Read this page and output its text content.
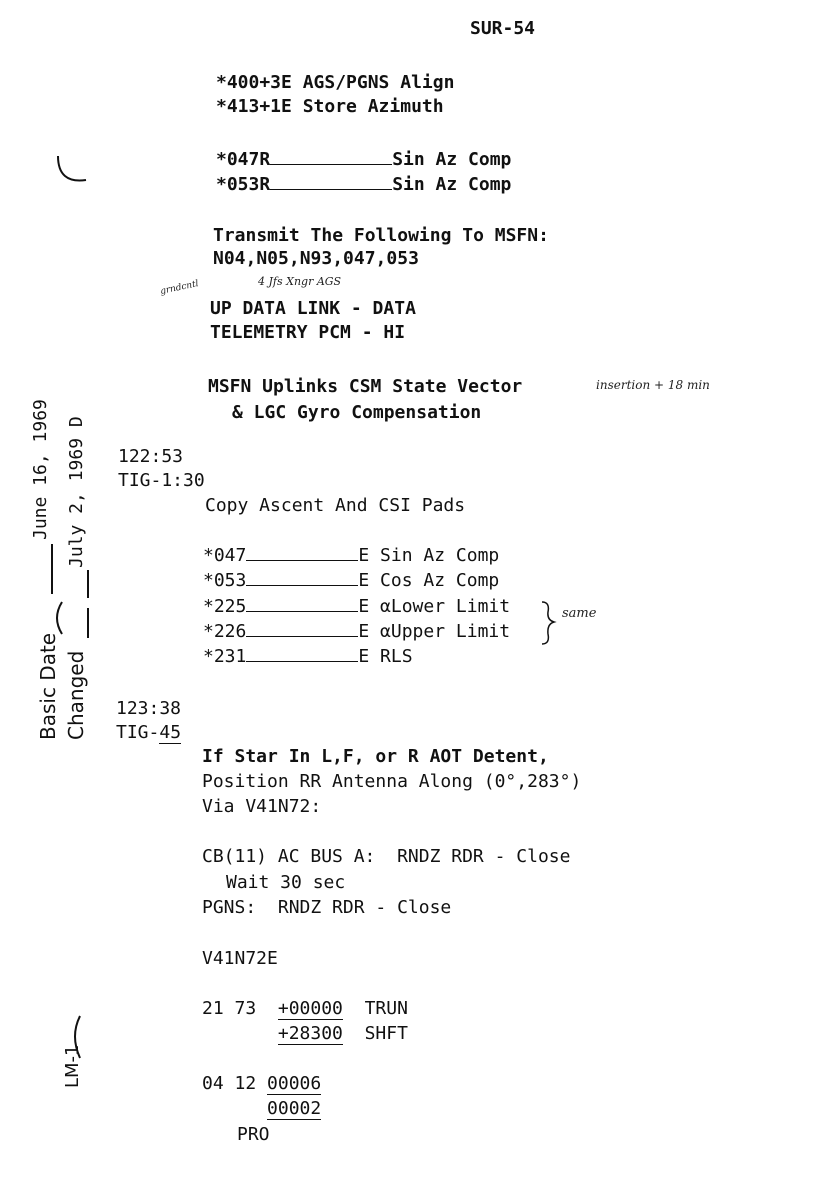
SUR-54
*400+3E AGS/PGNS Align
*413+1E Store Azimuth
*047R	Sin Az Comp
*053R	Sin Az Comp
Transmit The Following To MSFN:
N04,N05,N93,047,053
4 Jfs Xngr AGS
grndcntl
UP DATA LINK - DATA
TELEMETRY PCM - HI
MSFN Uplinks CSM State Vector	insertion + 18 min
& LGC Gyro Compensation
122:53
TIG-1:30
Copy Ascent And CSI Pads
*047	E Sin Az Comp
*053	E Cos Az Comp
*225	E αLower Limit
*226	E αUpper Limit
*231	E RLS
same
123:38
TIG-45
If Star In L,F, or R AOT Detent,
Position RR Antenna Along (0°,283°)
Via V41N72:
CB(11) AC BUS A:  RNDZ RDR - Close
Wait 30 sec
PGNS:  RNDZ RDR - Close
V41N72E
21 73 +00000 TRUN
+28300 SHFT
04 12 00006
00002
PRO
Basic Date Changed
June 16, 1969 July 2, 1969 D
LM-1
